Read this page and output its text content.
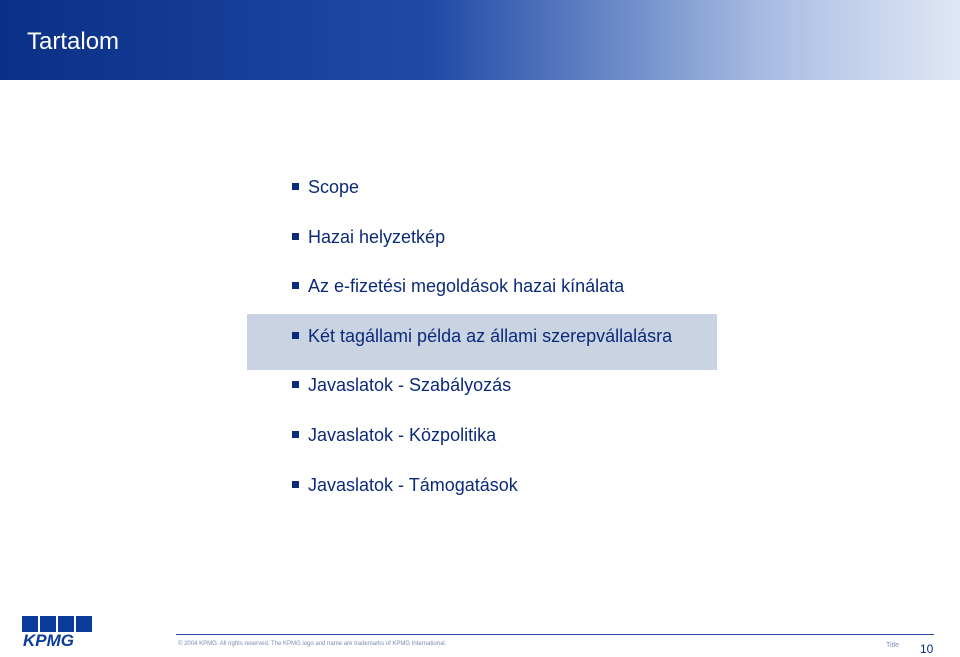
Tartalom
Scope
Hazai helyzetkép
Az e-fizetési megoldások hazai kínálata
Két tagállami példa az állami szerepvállalásra
Javaslatok - Szabályozás
Javaslatok - Közpolitika
Javaslatok - Támogatások
KPMG	© 2004 KPMG. All rights reserved. The KPMG logo and name are trademarks of KPMG International.	Title 10
